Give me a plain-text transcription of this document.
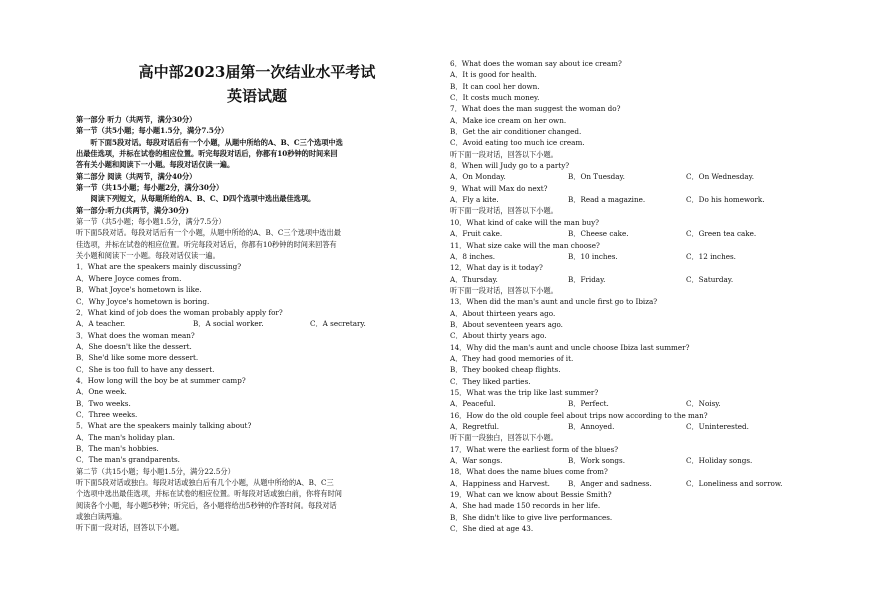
高中部2023届第一次结业水平考试
英语试题
第一部分 听力（共两节，满分30分）
第一节（共5小题；每小题1.5分，满分7.5分）
听下面5段对话。每段对话后有一个小题，从题中所给的A、B、C三个选项中选
出最佳选项，并标在试卷的相应位置。听完每段对话后，你都有10秒钟的时间来回
答有关小题和阅读下一小题。每段对话仅读一遍。
第二部分 阅读（共两节，满分40分）
第一节（共15小题；每小题2分，满分30分）
阅读下列短文，从每题所给的A、B、C、D四个选项中选出最佳选项。
第一部分:听力(共两节，满分30分)
第一节（共5小题；每小题1.5分，满分7.5分）
听下面5段对话。每段对话后有一个小题，从题中所给的A、B、C三个选项中选出最
佳选项，并标在试卷的相应位置。听完每段对话后，你都有10秒钟的时间来回答有
关小题和阅读下一小题。每段对话仅读一遍。
1．What are the speakers mainly discussing?
A．Where Joyce comes from.
B．What Joyce's hometown is like.
C．Why Joyce's hometown is boring.
2．What kind of job does the woman probably apply for?
A．A teacher.	B．A social worker.	C．A secretary.
3．What does the woman mean?
A．She doesn't like the dessert.
B．She'd like some more dessert.
C．She is too full to have any dessert.
4．How long will the boy be at summer camp?
A．One week.
B．Two weeks.
C．Three weeks.
5．What are the speakers mainly talking about?
A．The man's holiday plan.
B．The man's hobbies.
C．The man's grandparents.
第二节（共15小题；每小题1.5分，满分22.5分）
听下面5段对话或独白。每段对话或独白后有几个小题，从题中所给的A、B、C三
个选项中选出最佳选项，并标在试卷的相应位置。听每段对话或独白前，你将有时间
阅读各个小题，每小题5秒钟；听完后，各小题将给出5秒钟的作答时间。每段对话
或独白读两遍。
听下面一段对话，回答以下小题。
6．What does the woman say about ice cream?
A．It is good for health.
B．It can cool her down.
C．It costs much money.
7．What does the man suggest the woman do?
A．Make ice cream on her own.
B．Get the air conditioner changed.
C．Avoid eating too much ice cream.
听下面一段对话，回答以下小题。
8．When will Judy go to a party?
A．On Monday.	B．On Tuesday.	C．On Wednesday.
9．What will Max do next?
A．Fly a kite.	B．Read a magazine.	C．Do his homework.
听下面一段对话，回答以下小题。
10．What kind of cake will the man buy?
A．Fruit cake.	B．Cheese cake.	C．Green tea cake.
11．What size cake will the man choose?
A．8 inches.	B．10 inches.	C．12 inches.
12．What day is it today?
A．Thursday.	B．Friday.	C．Saturday.
听下面一段对话，回答以下小题。
13．When did the man's aunt and uncle first go to Ibiza?
A．About thirteen years ago.
B．About seventeen years ago.
C．About thirty years ago.
14．Why did the man's aunt and uncle choose Ibiza last summer?
A．They had good memories of it.
B．They booked cheap flights.
C．They liked parties.
15．What was the trip like last summer?
A．Peaceful.	B．Perfect.	C．Noisy.
16．How do the old couple feel about trips now according to the man?
A．Regretful.	B．Annoyed.	C．Uninterested.
听下面一段独白，回答以下小题。
17．What were the earliest form of the blues?
A．War songs.	B．Work songs.	C．Holiday songs.
18．What does the name blues come from?
A．Happiness and Harvest.	B．Anger and sadness.	C．Loneliness and sorrow.
19．What can we know about Bessie Smith?
A．She had made 150 records in her life.
B．She didn't like to give live performances.
C．She died at age 43.
